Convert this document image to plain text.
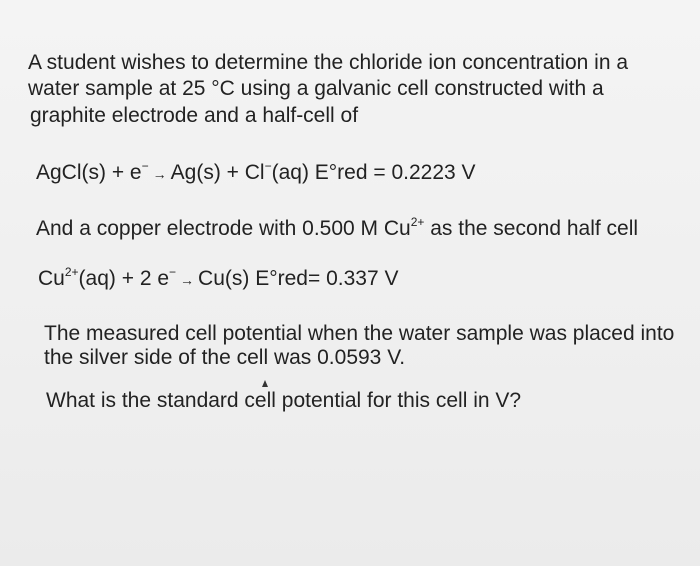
A student wishes to determine the chloride ion concentration in a

water sample at 25 °C using a galvanic cell constructed with a

graphite electrode and a half-cell of

AgCl(s) + e− → Ag(s) + Cl−(aq) E°red = 0.2223 V

And a copper electrode with 0.500 M $Cu^{2+}$ as the second half cell

$Cu^{2+}(aq) + 2$ e− → Cu(s) E°red= 0.337 V

The measured cell potential when the water sample was placed into

the silver side of the cell was 0.0593 V.

What is the standard cell potential for this cell in V?
